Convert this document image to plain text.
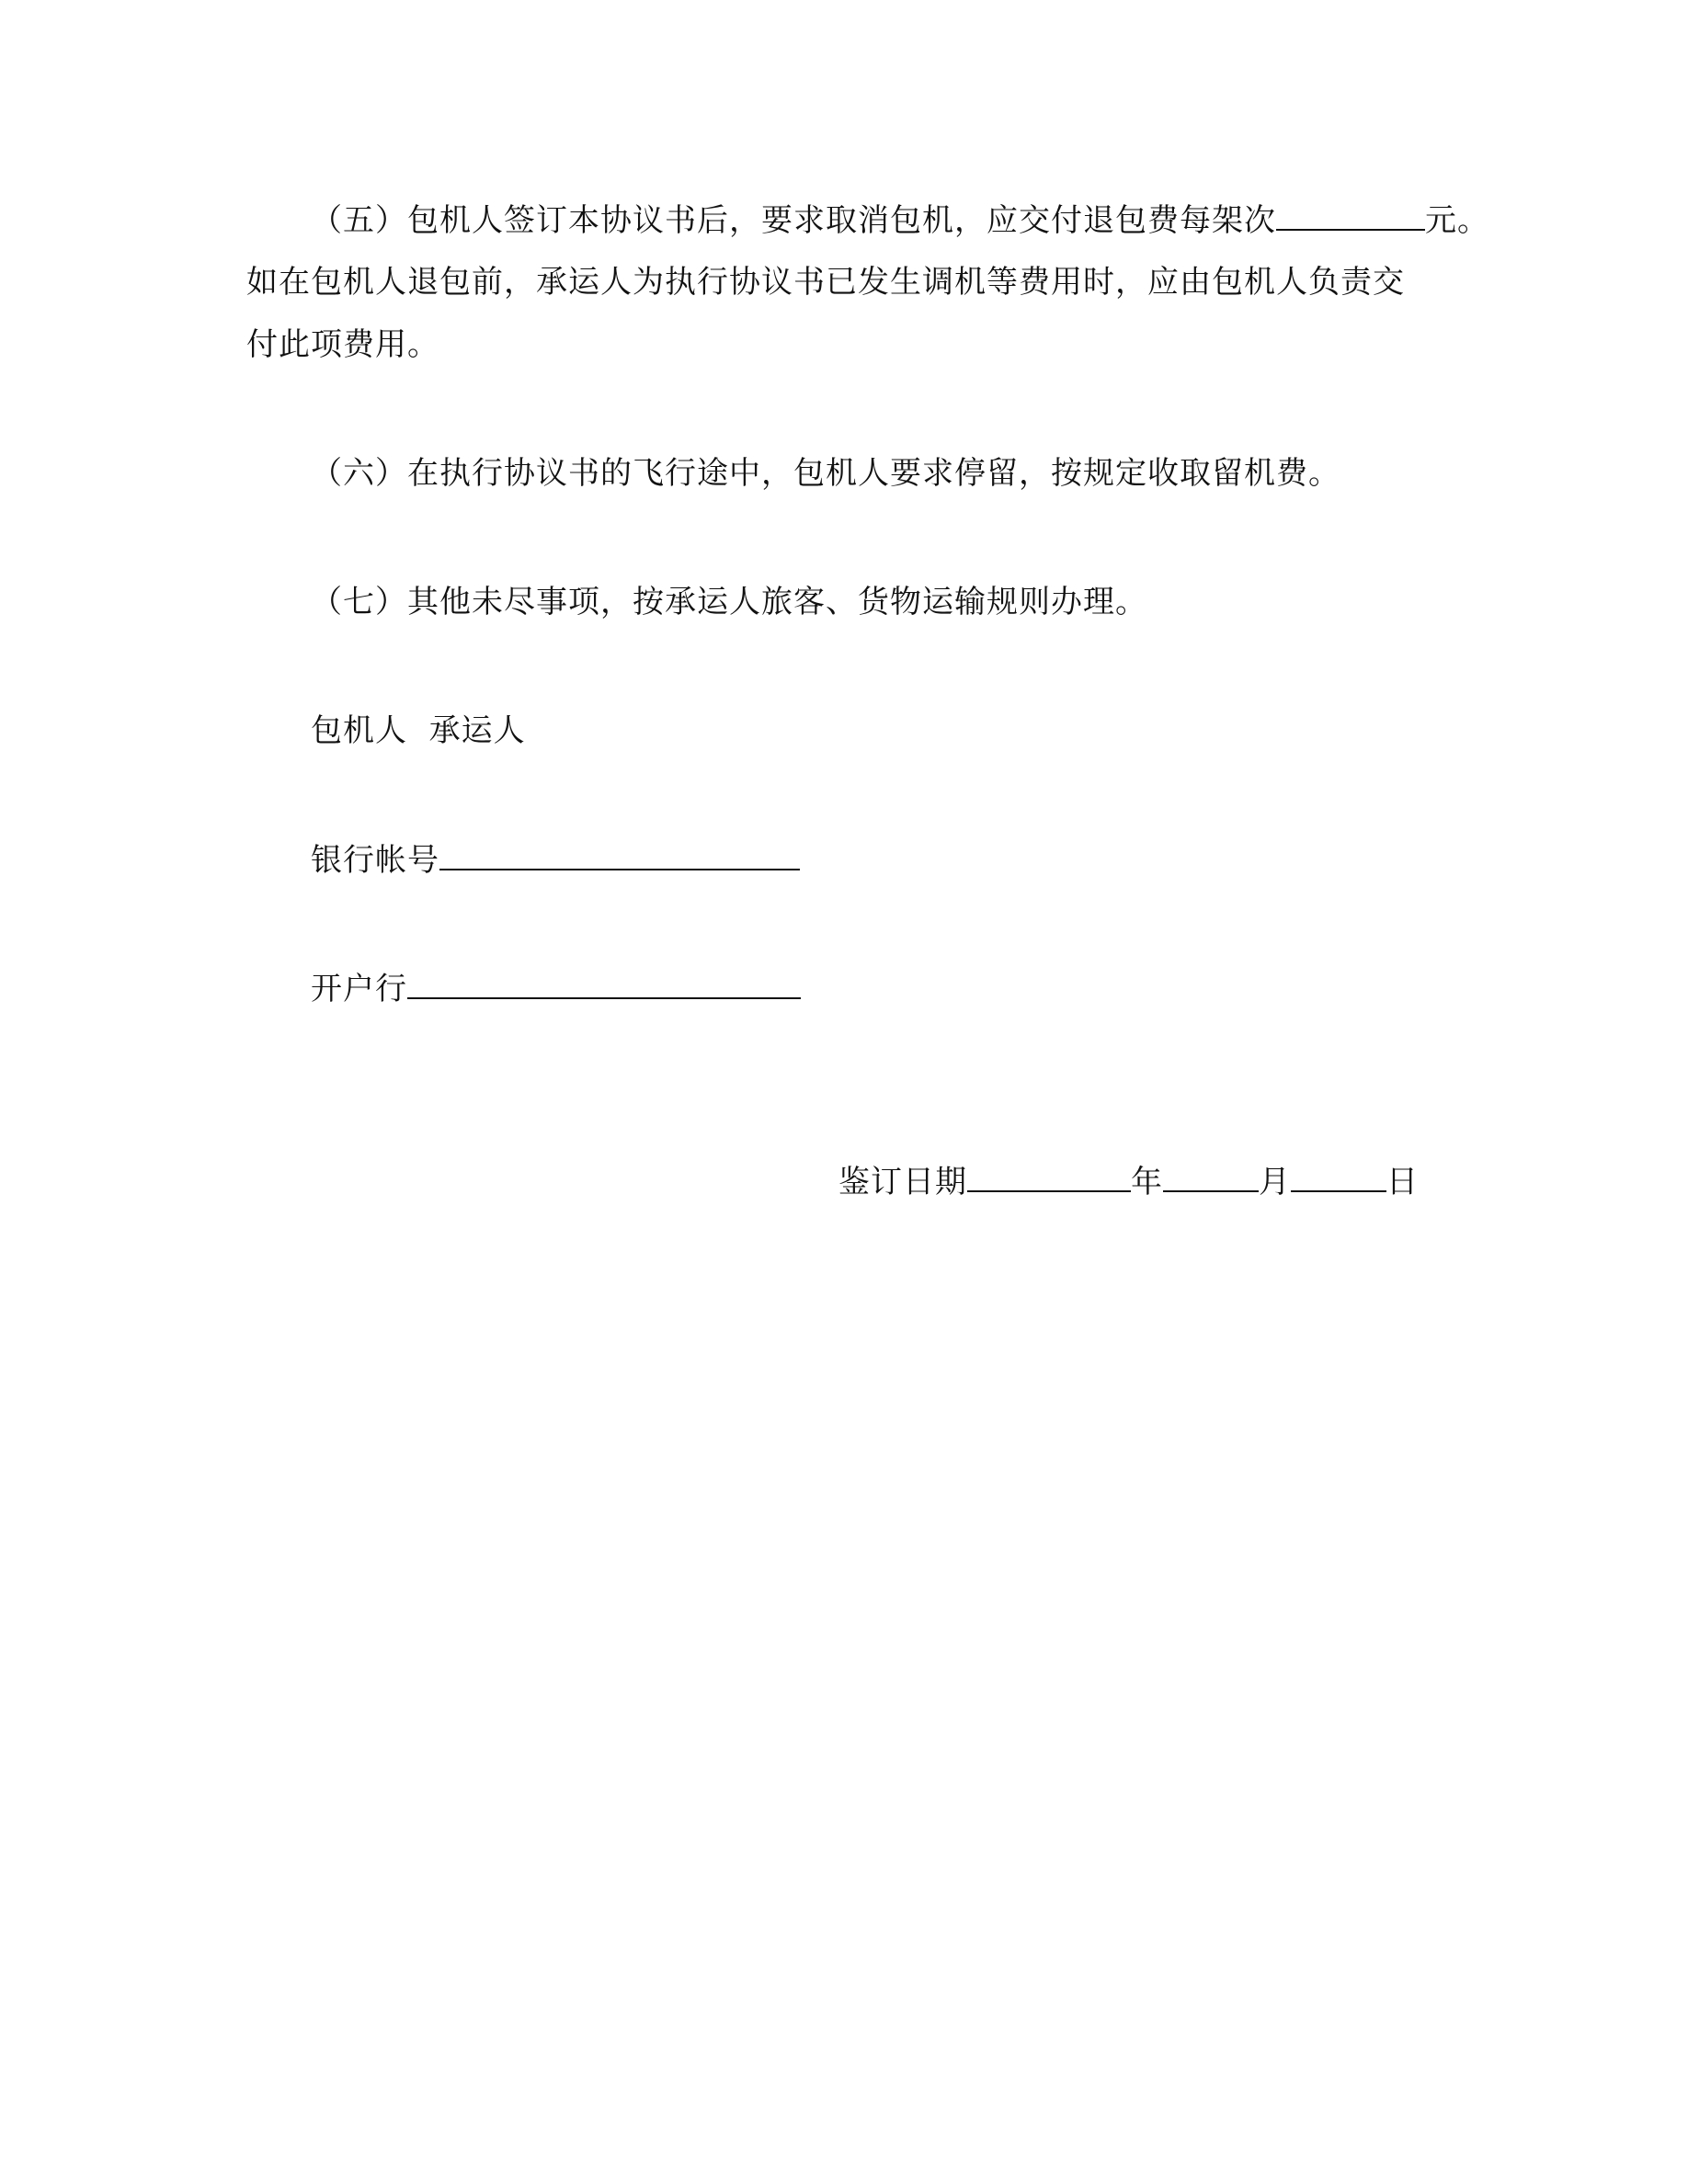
（五）包机人签订本协议书后，要求取消包机，应交付退包费每架次	元。
如在包机人退包前，承运人为执行协议书已发生调机等费用时，应由包机人负责交
付此项费用。
（六）在执行协议书的飞行途中，包机人要求停留，按规定收取留机费。
（七）其他未尽事项，按承运人旅客、货物运输规则办理。
包机人  承运人
银行帐号
开户行
鉴订日期	年	月	日
